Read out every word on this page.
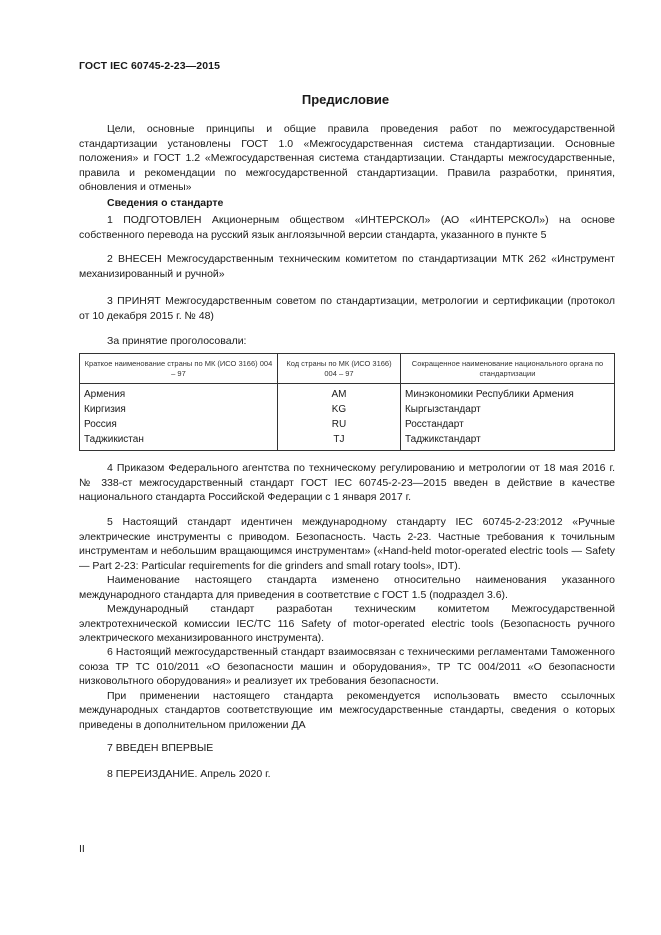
ГОСТ IEC 60745-2-23—2015
Предисловие

Цели, основные принципы и общие правила проведения работ по межгосударственной стандартизации установлены ГОСТ 1.0 «Межгосударственная система стандартизации. Основные положения» и ГОСТ 1.2 «Межгосударственная система стандартизации. Стандарты межгосударственные, правила и рекомендации по межгосударственной стандартизации. Правила разработки, принятия, обновления и отмены»

Сведения о стандарте

1 ПОДГОТОВЛЕН Акционерным обществом «ИНТЕРСКОЛ» (АО «ИНТЕРСКОЛ») на основе собственного перевода на русский язык англоязычной версии стандарта, указанного в пункте 5

2 ВНЕСЕН Межгосударственным техническим комитетом по стандартизации МТК 262 «Инструмент механизированный и ручной»

3 ПРИНЯТ Межгосударственным советом по стандартизации, метрологии и сертификации (протокол от 10 декабря 2015 г. № 48)

За принятие проголосовали:

Краткое наименование страны по МК (ИСО 3166) 004 – 97	Код страны по МК (ИСО 3166) 004 – 97	Сокращенное наименование национального органа по стандартизации
Армения	AM	Минэкономики Республики Армения
Киргизия	KG	Кыргызстандарт
Россия	RU	Росстандарт
Таджикистан	TJ	Таджикстандарт

4 Приказом Федерального агентства по техническому регулированию и метрологии от 18 мая 2016 г. № 338-ст межгосударственный стандарт ГОСТ IEC 60745-2-23—2015 введен в действие в качестве национального стандарта Российской Федерации с 1 января 2017 г.

5 Настоящий стандарт идентичен международному стандарту IEC 60745-2-23:2012 «Ручные электрические инструменты с приводом. Безопасность. Часть 2-23. Частные требования к точильным инструментам и небольшим вращающимся инструментам» («Hand-held motor-operated electric tools — Safety — Part 2-23: Particular requirements for die grinders and small rotary tools», IDT).

Наименование настоящего стандарта изменено относительно наименования указанного международного стандарта для приведения в соответствие с ГОСТ 1.5 (подраздел 3.6).

Международный стандарт разработан техническим комитетом Межгосударственной электротехнической комиссии IEC/TC 116 Safety of motor-operated electric tools (Безопасность ручного электрического механизированного инструмента).

6 Настоящий межгосударственный стандарт взаимосвязан с техническими регламентами Таможенного союза ТР ТС 010/2011 «О безопасности машин и оборудования», ТР ТС 004/2011 «О безопасности низковольтного оборудования» и реализует их требования безопасности.

При применении настоящего стандарта рекомендуется использовать вместо ссылочных международных стандартов соответствующие им межгосударственные стандарты, сведения о которых приведены в дополнительном приложении ДА

7 ВВЕДЕН ВПЕРВЫЕ

8 ПЕРЕИЗДАНИЕ. Апрель 2020 г.

II
